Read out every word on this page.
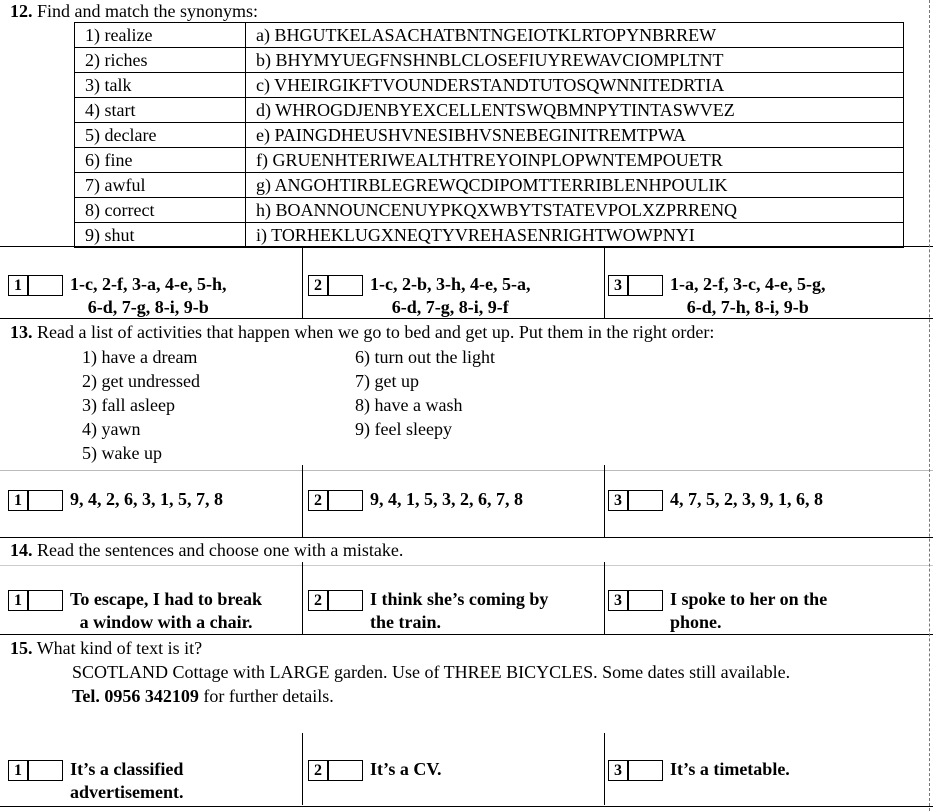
12. Find and match the synonyms:
1) realize	a) BHGUTKELASACHATBNTNGEIOTKLRTOPYNBRREW
2) riches	b) BHYMYUEGFNSHNBLCLOSEFIUYREWAVCIOMPLTNT
3) talk	c) VHEIRGIKFTVOUNDERSTANDTUTOSQWNNITEDRTIA
4) start	d) WHROGDJENBYEXCELLENTSWQBMNPYTINTASWVEZ
5) declare	e) PAINGDHEUSHVNESIBHVSNEBEGINITREMTPWA
6) fine	f) GRUENHTERIWEALTHTREYOINPLOPWNTEMPOUETR
7) awful	g) ANGOHTIRBLEGREWQCDIPOMTTERRIBLENHPOULIK
8) correct	h) BOANNOUNCENUYPKQXWBYTSTATEVPOLXZPRRENQ
9) shut	i) TORHEKLUGXNEQTYVREHASENRIGHTWOWPNYI
1	1-c, 2-f, 3-a, 4-e, 5-h,
6-d, 7-g, 8-i, 9-b
2	1-c, 2-b, 3-h, 4-e, 5-a,
6-d, 7-g, 8-i, 9-f
3	1-a, 2-f, 3-c, 4-e, 5-g,
6-d, 7-h, 8-i, 9-b
13. Read a list of activities that happen when we go to bed and get up. Put them in the right order:
1) have a dream
2) get undressed
3) fall asleep
4) yawn
5) wake up
6) turn out the light
7) get up
8) have a wash
9) feel sleepy
1	9, 4, 2, 6, 3, 1, 5, 7, 8	2	9, 4, 1, 5, 3, 2, 6, 7, 8	3	4, 7, 5, 2, 3, 9, 1, 6, 8
14. Read the sentences and choose one with a mistake.
1	To escape, I had to break
a window with a chair.
2	I think she’s coming by
the train.
3	I spoke to her on the
phone.
15. What kind of text is it?
SCOTLAND Cottage with LARGE garden. Use of THREE BICYCLES. Some dates still available.
Tel. 0956 342109 for further details.
1	It’s a classified
advertisement.
2	It’s a CV.	3	It’s a timetable.
